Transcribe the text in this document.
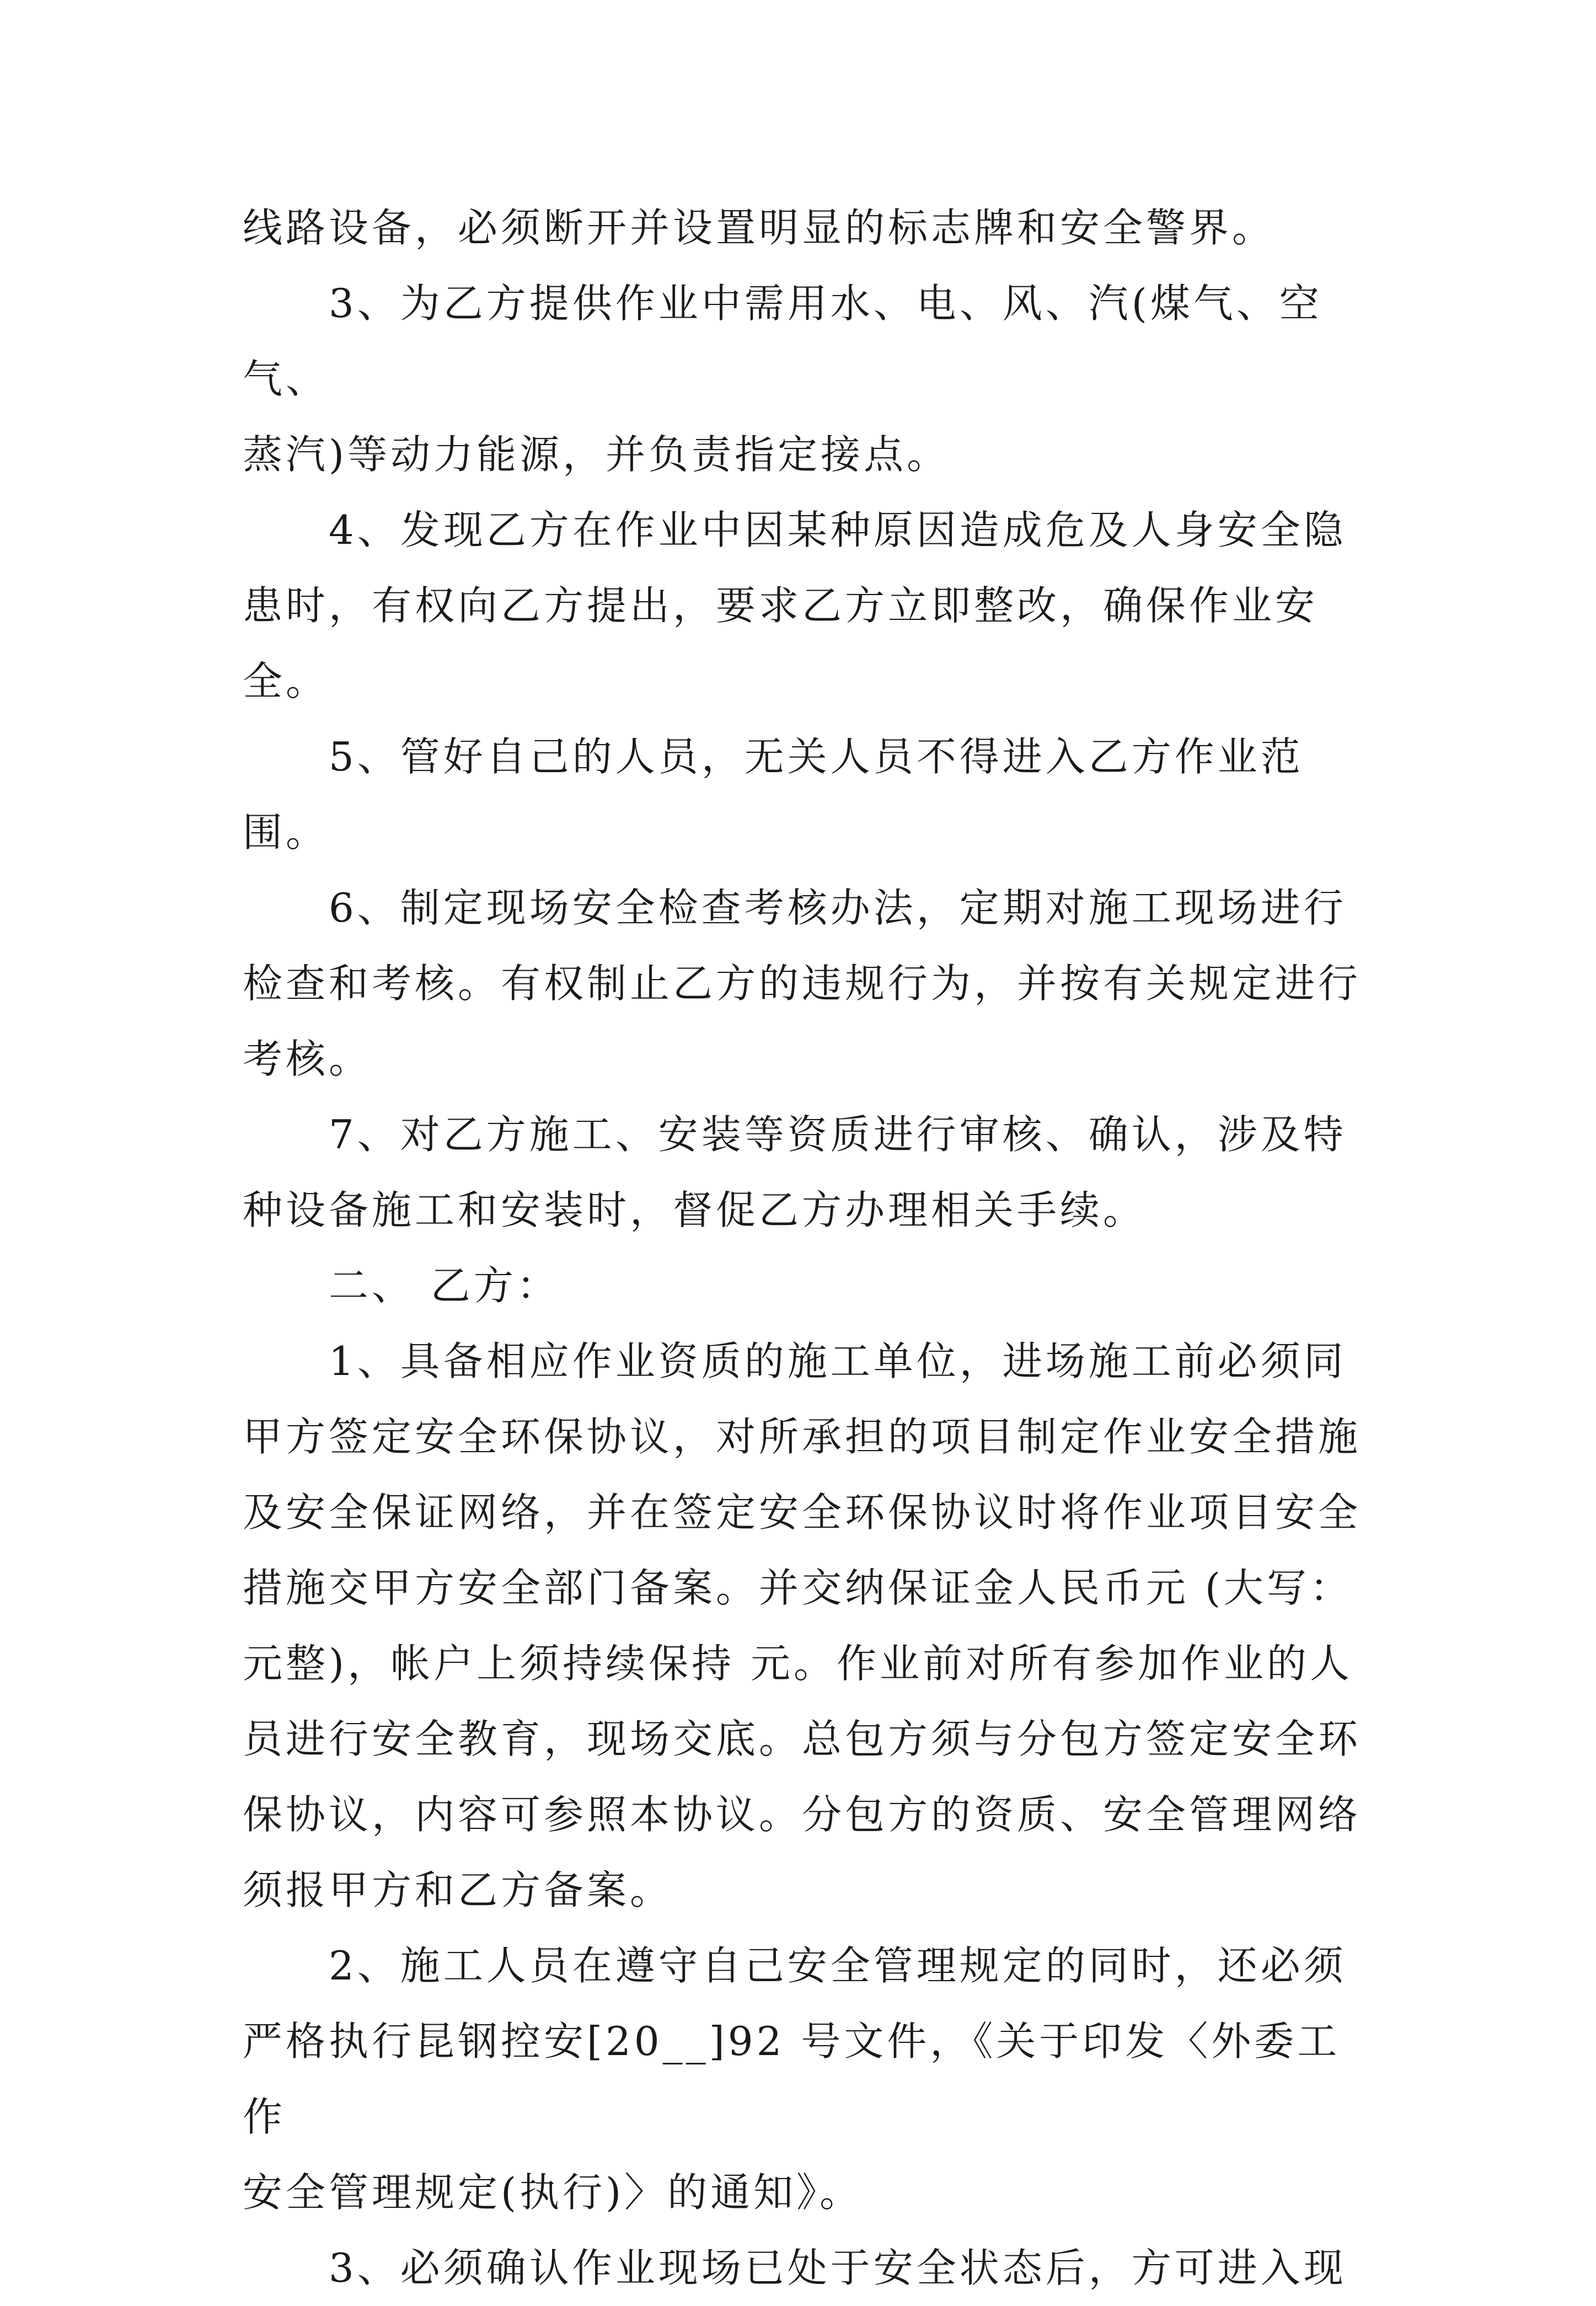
线路设备，必须断开并设置明显的标志牌和安全警界。

3、为乙方提供作业中需用水、电、风、汽(煤气、空气、
蒸汽)等动力能源，并负责指定接点。

4、发现乙方在作业中因某种原因造成危及人身安全隐
患时，有权向乙方提出，要求乙方立即整改，确保作业安全。

5、管好自己的人员，无关人员不得进入乙方作业范围。

6、制定现场安全检查考核办法，定期对施工现场进行
检查和考核。有权制止乙方的违规行为，并按有关规定进行
考核。

7、对乙方施工、安装等资质进行审核、确认，涉及特
种设备施工和安装时，督促乙方办理相关手续。

二、 乙方：

1、具备相应作业资质的施工单位，进场施工前必须同
甲方签定安全环保协议，对所承担的项目制定作业安全措施
及安全保证网络，并在签定安全环保协议时将作业项目安全
措施交甲方安全部门备案。并交纳保证金人民币元 (大写：
元整)，帐户上须持续保持 元。作业前对所有参加作业的人
员进行安全教育，现场交底。总包方须与分包方签定安全环
保协议，内容可参照本协议。分包方的资质、安全管理网络
须报甲方和乙方备案。

2、施工人员在遵守自己安全管理规定的同时，还必须
严格执行昆钢控安[20__]92 号文件，《关于印发〈外委工作
安全管理规定(执行)〉的通知》。

3、必须确认作业现场已处于安全状态后，方可进入现
